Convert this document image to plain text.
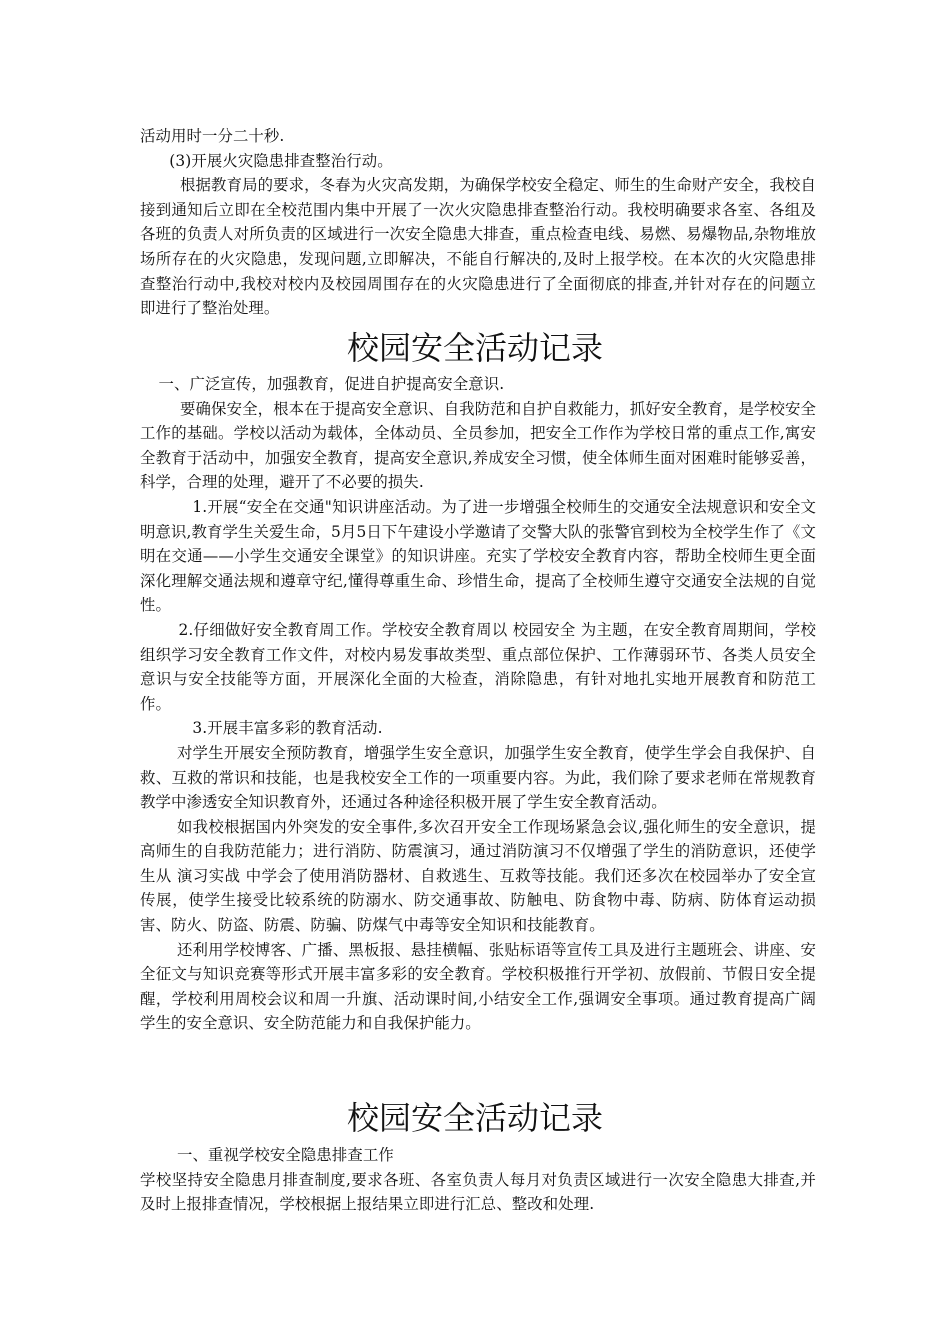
活动用时一分二十秒.

(3)开展火灾隐患排查整治行动。

根据教育局的要求，冬春为火灾高发期，为确保学校安全稳定、师生的生命财产安全，我校自接到通知后立即在全校范围内集中开展了一次火灾隐患排查整治行动。我校明确要求各室、各组及各班的负责人对所负责的区域进行一次安全隐患大排查，重点检查电线、易燃、易爆物品,杂物堆放场所存在的火灾隐患，发现问题,立即解决，不能自行解决的,及时上报学校。在本次的火灾隐患排查整治行动中,我校对校内及校园周围存在的火灾隐患进行了全面彻底的排查,并针对存在的问题立即进行了整治处理。

校园安全活动记录

一、广泛宣传，加强教育，促进自护提高安全意识.

要确保安全，根本在于提高安全意识、自我防范和自护自救能力，抓好安全教育，是学校安全工作的基础。学校以活动为载体，全体动员、全员参加，把安全工作作为学校日常的重点工作,寓安全教育于活动中，加强安全教育，提高安全意识,养成安全习惯，使全体师生面对困难时能够妥善，科学，合理的处理，避开了不必要的损失.

1.开展“安全在交通"知识讲座活动。为了进一步增强全校师生的交通安全法规意识和安全文明意识,教育学生关爱生命，5月5日下午建设小学邀请了交警大队的张警官到校为全校学生作了《文明在交通——小学生交通安全课堂》的知识讲座。充实了学校安全教育内容，帮助全校师生更全面深化理解交通法规和遵章守纪,懂得尊重生命、珍惜生命，提高了全校师生遵守交通安全法规的自觉性。

2.仔细做好安全教育周工作。学校安全教育周以 校园安全 为主题，在安全教育周期间，学校组织学习安全教育工作文件，对校内易发事故类型、重点部位保护、工作薄弱环节、各类人员安全意识与安全技能等方面，开展深化全面的大检查，消除隐患，有针对地扎实地开展教育和防范工作。

3.开展丰富多彩的教育活动.

对学生开展安全预防教育，增强学生安全意识，加强学生安全教育，使学生学会自我保护、自救、互救的常识和技能，也是我校安全工作的一项重要内容。为此，我们除了要求老师在常规教育教学中渗透安全知识教育外，还通过各种途径积极开展了学生安全教育活动。

如我校根据国内外突发的安全事件,多次召开安全工作现场紧急会议,强化师生的安全意识，提高师生的自我防范能力；进行消防、防震演习，通过消防演习不仅增强了学生的消防意识，还使学生从 演习实战 中学会了使用消防器材、自救逃生、互救等技能。我们还多次在校园举办了安全宣传展，使学生接受比较系统的防溺水、防交通事故、防触电、防食物中毒、防病、防体育运动损害、防火、防盗、防震、防骗、防煤气中毒等安全知识和技能教育。

还利用学校博客、广播、黑板报、悬挂横幅、张贴标语等宣传工具及进行主题班会、讲座、安全征文与知识竞赛等形式开展丰富多彩的安全教育。学校积极推行开学初、放假前、节假日安全提醒，学校利用周校会议和周一升旗、活动课时间,小结安全工作,强调安全事项。通过教育提高广阔学生的安全意识、安全防范能力和自我保护能力。

校园安全活动记录

一、重视学校安全隐患排查工作

学校坚持安全隐患月排查制度,要求各班、各室负责人每月对负责区域进行一次安全隐患大排查,并及时上报排查情况，学校根据上报结果立即进行汇总、整改和处理.
